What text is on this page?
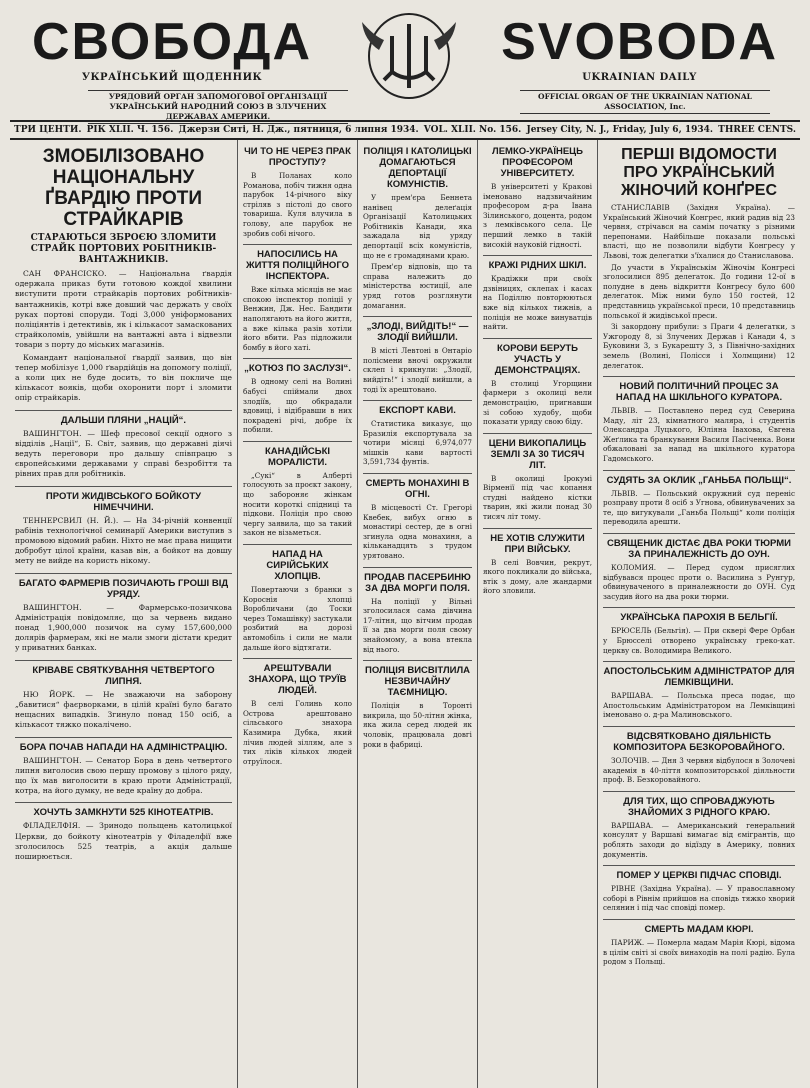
СВОБОДА
УКРАЇНСЬКИЙ ЩОДЕННИК
SVOBODA
UKRAINIAN DAILY
УРЯДОВИЙ ОРГАН ЗАПОМОГОВОЇ ОРГАНІЗАЦІЇ УКРАЇНСЬКИЙ НАРОДНИЙ СОЮЗ В ЗЛУЧЕНИХ ДЕРЖАВАХ АМЕРИКИ.
OFFICIAL ORGAN OF THE UKRAINIAN NATIONAL ASSOCIATION, Inc.
ТРИ ЦЕНТИ. РІК XLII. Ч. 156. Джерзи Ситі, Н. Дж., пятниця, 6 липня 1934. VOL. XLII. No. 156. Jersey City, N. J., Friday, July 6, 1934. THREE CENTS.
ЗМОБІЛІЗОВАНО НАЦІОНАЛЬНУ ҐВАРДІЮ ПРОТИ СТРАЙКАРІВ
СТАРАЮТЬСЯ ЗБРОЄЮ ЗЛОМИТИ СТРАЙК ПОРТОВИХ РОБІТНИКІВ-ВАНТАЖНИКІВ.

САН ФРАНСІСКО. — Національна ґвардія одержала приказ бути готовою кождої хвилини виступити проти страйкарів портових робітників-вантажників, котрі вже довший час держать у своїх руках портові споруди. Тоді 3,000 уніформованих поліціянтів і детективів, як і кількасот замаскованих страйколомів, увійшли на вантажні авта і відвезли товари з порту до міських магазинів.

Командант національної ґвардії заявив, що він тепер мобілізує 1,000 ґвардійців на допомогу поліції, а коли цих не буде досить, то він покличе ще кількасот вояків, щоби охоронити порт і зломити опір страйкарів.

ДАЛЬШИ ПЛЯНИ „НАЦІЙ“.

ВАШИНГТОН. — Шеф пресової секції одного з відділів „Нації“, Б. Світ, заявив, що державні діячі ведуть переговори про дальшу співпрацю з європейськими державами у справі безробіття та рівних прав для робітників.

ПРОТИ ЖИДІВСЬКОГО БОЙКОТУ НІМЕЧЧИНИ.

ТЕННЕРСВИЛ (Н. Й.). — На 34-річній конвенції рабінів технологічної семинарії Америки виступив з промовою відомий рабин. Ніхто не має права нищити добробут цілої країни, казав він, а бойкот на довшу мету не вийде на користь нікому.

БАГАТО ФАРМЕРІВ ПОЗИЧАЮТЬ ГРОШІ ВІД УРЯДУ.

ВАШИНГТОН. — Фармерсько-позичкова Адміністрація повідомляє, що за червень видано понад 1,900,000 позичок на суму 157,600,000 долярів фармерам, які не мали змоги дістати кредит у приватних банках.

КРІВАВЕ СВЯТКУВАННЯ ЧЕТВЕРТОГО ЛИПНЯ.

НЮ ЙОРК. — Не зважаючи на заборону „бавитися“ фаєрворками, в цілій країні було багато нещасних випадків. Згинуло понад 150 осіб, а кількасот тяжко покалічено.

БОРА ПОЧАВ НАПАДИ НА АДМІНІСТРАЦІЮ.

ВАШИНГТОН. — Сенатор Бора в день четвертого липня виголосив свою першу промову з цілого ряду, що їх мав виголосити в краю проти Адміністрації, котра, на його думку, не веде країну до добра.

ХОЧУТЬ ЗАМКНУТИ 525 КІНОТЕАТРІВ.

ФІЛАДЕЛФІЯ. — Зринодо польщень католицької Церкви, до бойкоту кінотеатрів у Філаделфії вже зголосилось 525 театрів, а акція дальше поширюється.

ЧИ ТО НЕ ЧЕРЕЗ ПРАК ПРОСТУПУ?

В Поланах коло Романова, побіч тижня одна парубок 14-річного віку стріляв з пістолі до свого товариша. Куля влучила в голову, але парубок не зробив собі нічого.

НАПОСІЛИСЬ НА ЖИТТЯ ПОЛІЦІЙНОГО ІНСПЕКТОРА.

Вже кілька місяців не має спокою інспектор поліції у Венжин, Дж. Нес. Бандити наполягають на його життя, а вже кілька разів хотіли його вбити. Раз підложили бомбу в його хаті.

„КОТЮЗ ПО ЗАСЛУЗІ“.

В одному селі на Волині бабусі спіймали двох злодіїв, що обкрадали вдовиці, і відібравши в них покрадені річі, добре їх побили.

КАНАДІЙСЬКІ МОРАЛІСТИ.

„Сукі“ в Алберті голосують за проєкт закону, що забороняє жінкам носити короткі спідниці та підкови. Поліція про свою чергу заявила, що за такий закон не візьметься.

НАПАД НА СИРІЙСЬКИХ ХЛОПЦІВ.

Повертаючи з бранки з Короснія хлопці Воробличани (до Тоски через Томашівку) застукали розбитий на дорозі автомобіль і сили не мали дальше його відтягати.

АРЕШТУВАЛИ ЗНАХОРА, ЩО ТРУЇВ ЛЮДЕЙ.

В селі Голинь коло Острова арештовано сільського знахора Казимира Дубка, який лічив людей зіллям, але з тих ліків кількох людей отруїлося.

ПОЛІЦІЯ І КАТОЛИЦЬКІ ДОМАГАЮТЬСЯ ДЕПОРТАЦІЇ КОМУНІСТІВ.

У прем'єра Беннета нанівец делеґація Організації Католицьких Робітників Канади, яка зажадала від уряду депортації всіх комуністів, що не є громадянами краю.

Прем'єр відповів, що та справа належить до міністерства юстиції, але уряд готов розглянути домагання.

„ЗЛОДІ, ВИЙДІТЬ!“ — ЗЛОДІЇ ВИЙШЛИ.

В місті Левтоні в Онтаріо полісмени вночі окружили склеп і крикнули: „Злодії, вийдіть!“ і злодії вийшли, а тоді їх арештовано.

ЕКСПОРТ КАВИ.

Статистика виказує, що Бразилія експортувала за чотири місяці 6,974,077 мішків кави вартості 3,591,734 фунтів.

СМЕРТЬ МОНАХИНІ В ОГНІ.

В місцевості Ст. Грегорі Квебек, вибух огню в монастирі сестер, де в огні згинула одна монахиня, а кільканадцять з трудом урятовано.

ПРОДАВ ПАСЕРБИНЮ ЗА ДВА МОРГИ ПОЛЯ.

На поліції у Вільні зголосилася сама дівчина 17-літня, що вітчим продав її за два морги поля свому знайомому, а вона втекла від нього.

ПОЛІЦІЯ ВИСВІТЛИЛА НЕЗВИЧАЙНУ ТАЄМНИЦЮ.

Поліція в Торонті викрила, що 50-літня жінка, яка жила серед людей як чоловік, працювала довгі роки в фабриці.

ЛЕМКО-УКРАЇНЕЦЬ ПРОФЕСОРОМ УНІВЕРСИТЕТУ.

В університеті у Кракові іменовано надзвичайним професором д-ра Івана Зілинського, доцента, родом з лемківського села. Це перший лемко в такій високій науковій гідності.

КРАЖІ РІДНИХ ШКІЛ.

Крадіжки при своїх дзвіницях, склепах і касах на Поділлю повторюються вже від кількох тижнів, а поліція не може винуватців найти.

КОРОВИ БЕРУТЬ УЧАСТЬ У ДЕМОНСТРАЦІЯХ.

В столиці Угорщини фармери з околиці вели демонстрацію, пригнавши зі собою худобу, щоби показати уряду свою біду.

ЦЕНИ ВИКОПАЛИЦЬ ЗЕМЛІ ЗА 30 ТИСЯЧ ЛІТ.

В околиці Ірокумі Вірменії під час копання студні найдено кістки тварин, які жили понад 30 тисяч літ тому.

НЕ ХОТІВ СЛУЖИТИ ПРИ ВІЙСЬКУ.

В селі Вовчин, рекрут, якого покликали до війська, втік з дому, але жандарми його зловили.

ПЕРШІ ВІДОМОСТИ ПРО УКРАЇНСЬКИЙ ЖІНОЧИЙ КОНҐРЕС

СТАНИСЛАВІВ (Західня Україна). — Український Жіночий Конгрес, який радив від 23 червня, стрічався на самім початку з різними перепонами. Найбільше показали польські власті, що не позволили відбути Конгресу у Львові, тож делегатки з'їхалися до Станиславова.

До участи в Українськім Жіночім Конгресі зголосилися 895 делегаток. До години 12-ої в полудне в день відкриття Конгресу було 600 делегаток. Між ними було 150 гостей, 12 представниць української преси, 10 представниць польської й жидівської преси.

Зі закордону прибули: з Праги 4 делегатки, з Ужгороду 8, зі Злучених Держав і Канади 4, з Буковини 3, з Букарешту 3, з Північно-західних земель (Волині, Полісся і Холмщини) 12 делегаток.

НОВИЙ ПОЛІТИЧНИЙ ПРОЦЕС ЗА НАПАД НА ШКІЛЬНОГО КУРАТОРА.

ЛЬВІВ. — Поставлено перед суд Северина Маду, літ 23, кімнатного маляра, і студентів Олександра Луцького, Юліяна Івахова, Євгена Жеґлика та бранкування Василя Пасіченка. Вони обжаловані за напад на шкільного куратора Гадомського.

СУДЯТЬ ЗА ОКЛИК „ГАНЬБА ПОЛЬЩІ“.

ЛЬВІВ. — Польський окружний суд переніс розправу проти 8 осіб з Угнова, обвинувачених за те, що вигукували „Ганьба Польщі“ коли поліція переводила арешти.

СВЯЩЕНИК ДІСТАЄ ДВА РОКИ ТЮРМИ ЗА ПРИНАЛЕЖНІСТЬ ДО ОУН.

КОЛОМИЯ. — Перед судом присяглих відбувався процес проти о. Василина з Рунгур, обвинуваченого в приналежности до ОУН. Суд засудив його на два роки тюрми.

УКРАЇНСЬКА ПАРОХІЯ В БЕЛЬГІЇ.

БРЮСЕЛЬ (Бельгія). — При сквері Фере Орбан у Брюсселі отворено українську греко-кат. церкву св. Володимира Великого.

АПОСТОЛЬСЬКИМ АДМІНІСТРАТОР ДЛЯ ЛЕМКІВЩИНИ.

ВАРШАВА. — Польська преса подає, що Апостольським Адміністратором на Лемківщині іменовано о. д-ра Малиновського.

ВІДСВЯТКОВАНО ДІЯЛЬНІСТЬ КОМПОЗИТОРА БЕЗКОРОВАЙНОГО.

ЗОЛОЧІВ. — Дня 3 червня відбулося в Золочеві академія в 40-ліття композиторської діяльности проф. В. Безкоровайного.

ДЛЯ ТИХ, ЩО СПРОВАДЖУЮТЬ ЗНАЙОМИХ З РІДНОГО КРАЮ.

ВАРШАВА. — Американський генеральний консулят у Варшаві вимагає від ємігрантів, що роблять заходи до відїзду в Америку, повних документів.

ПОМЕР У ЦЕРКВІ ПІДЧАС СПОВІДІ.

РІВНЕ (Західна Україна). — У православному соборі в Рівнім прийшов на сповідь тяжко хворий селянин і під час сповіді помер.

СМЕРТЬ МАДАМ КЮРІ.

ПАРИЖ. — Померла мадам Марія Кюрі, відома в цілім світі зі своїх винаходів на полі радію. Була родом з Польщі.
